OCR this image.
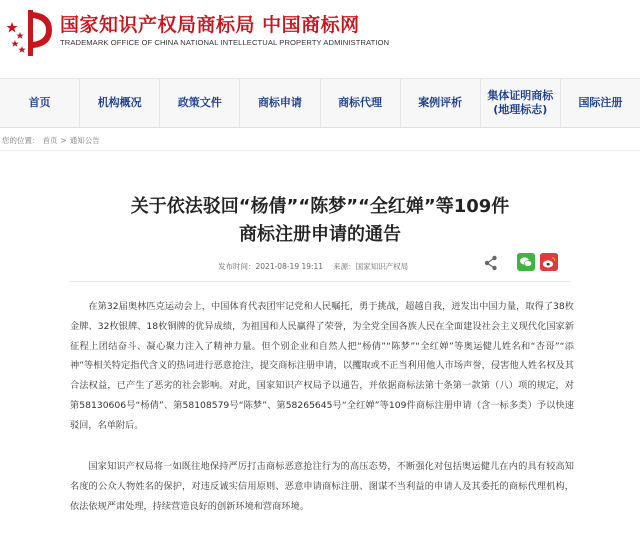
国家知识产权局商标局 中国商标网
TRADEMARK OFFICE OF CHINA NATIONAL INTELLECTUAL PROPERTY ADMINISTRATION
首页	机构概况	政策文件	商标申请	商标代理	案例评析
集体证明商标
(地理标志)
国际注册
您的位置： 首页 > 通知公告
关于依法驳回“杨倩”“陈梦”“全红婵”等109件
商标注册申请的通告
发布时间：2021-08-19 19:11 来源：国家知识产权局
在第32届奥林匹克运动会上，中国体育代表团牢记党和人民嘱托，勇于挑战，超越自我，迸发出中国力量，取得了38枚金牌、32枚银牌、18枚铜牌的优异成绩，为祖国和人民赢得了荣誉，为全党全国各族人民在全面建设社会主义现代化国家新征程上团结奋斗、凝心聚力注入了精神力量。但个别企业和自然人把“杨倩”“陈梦”“全红婵”等奥运健儿姓名和“杏哥”“添神”等相关特定指代含义的热词进行恶意抢注，提交商标注册申请，以攫取或不正当利用他人市场声誉，侵害他人姓名权及其合法权益，已产生了恶劣的社会影响。对此，国家知识产权局予以通告，并依据商标法第十条第一款第（八）项的规定，对第58130606号“杨倩”、第58108579号“陈梦”、第58265645号“全红婵”等109件商标注册申请（含一标多类）予以快速驳回，名单附后。
国家知识产权局将一如既往地保持严厉打击商标恶意抢注行为的高压态势，不断强化对包括奥运健儿在内的具有较高知名度的公众人物姓名的保护，对违反诚实信用原则、恶意申请商标注册、图谋不当利益的申请人及其委托的商标代理机构，依法依规严肃处理，持续营造良好的创新环境和营商环境。
